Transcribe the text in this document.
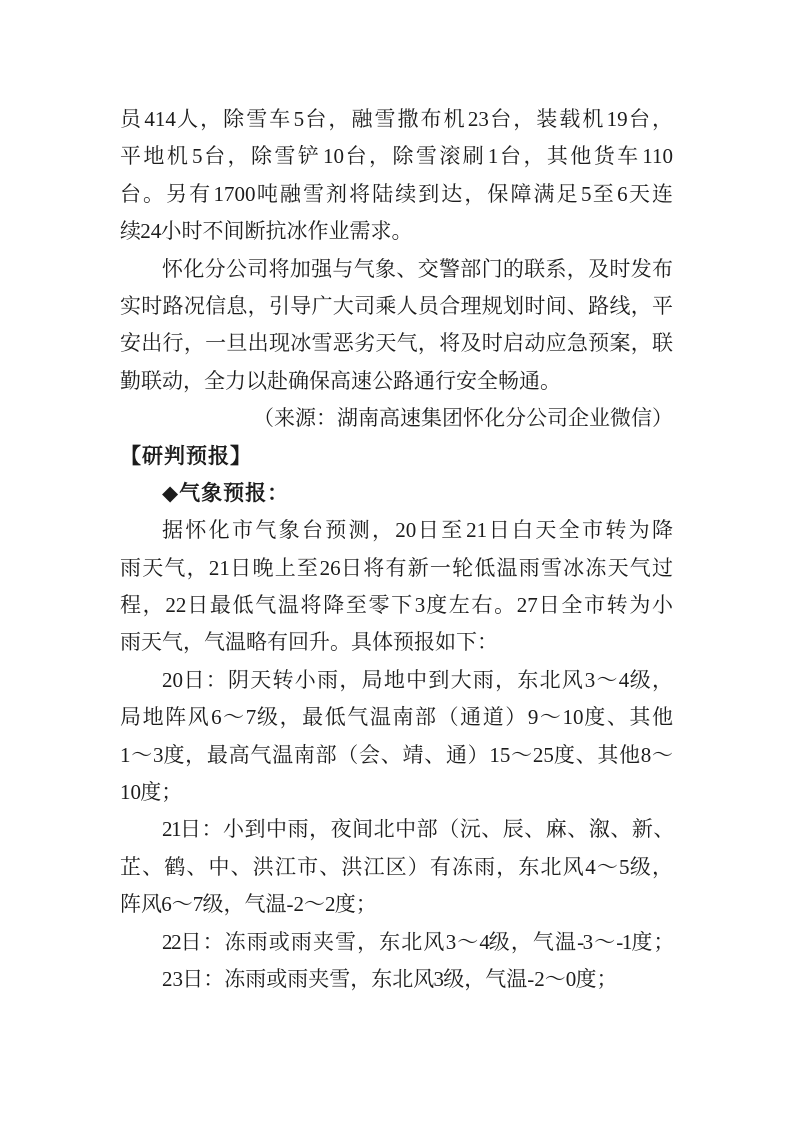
员 414 人，除雪车 5 台，融雪撒布机 23 台，装载机 19 台，
平地机 5 台，除雪铲 10 台，除雪滚刷 1 台，其他货车 110
台。另有 1700 吨融雪剂将陆续到达，保障满足 5 至 6 天连
续 24 小时不间断抗冰作业需求。
怀化分公司将加强与气象、交警部门的联系，及时发布
实时路况信息，引导广大司乘人员合理规划时间、路线，平
安出行，一旦出现冰雪恶劣天气，将及时启动应急预案，联
勤联动，全力以赴确保高速公路通行安全畅通。
（来源：湖南高速集团怀化分公司企业微信）
【研判预报】
◆气象预报：
据怀化市气象台预测，20 日至 21 日白天全市转为降
雨天气，21 日晚上至 26 日将有新一轮低温雨雪冰冻天气过
程，22 日最低气温将降至零下 3 度左右。27 日全市转为小
雨天气，气温略有回升。具体预报如下：
20 日：阴天转小雨，局地中到大雨，东北风 3～4 级，
局地阵风 6～7 级，最低气温南部（通道）9～10 度、其他
1～3 度，最高气温南部（会、靖、通）15～25 度、其他 8～
10 度；
21 日：小到中雨，夜间北中部（沅、辰、麻、溆、新、
芷、鹤、中、洪江市、洪江区）有冻雨，东北风 4～5 级，
阵风 6～7 级，气温-2～2 度；
22 日：冻雨或雨夹雪，东北风 3～4 级，气温-3～-1 度；
23 日：冻雨或雨夹雪，东北风 3 级，气温-2～0 度；
